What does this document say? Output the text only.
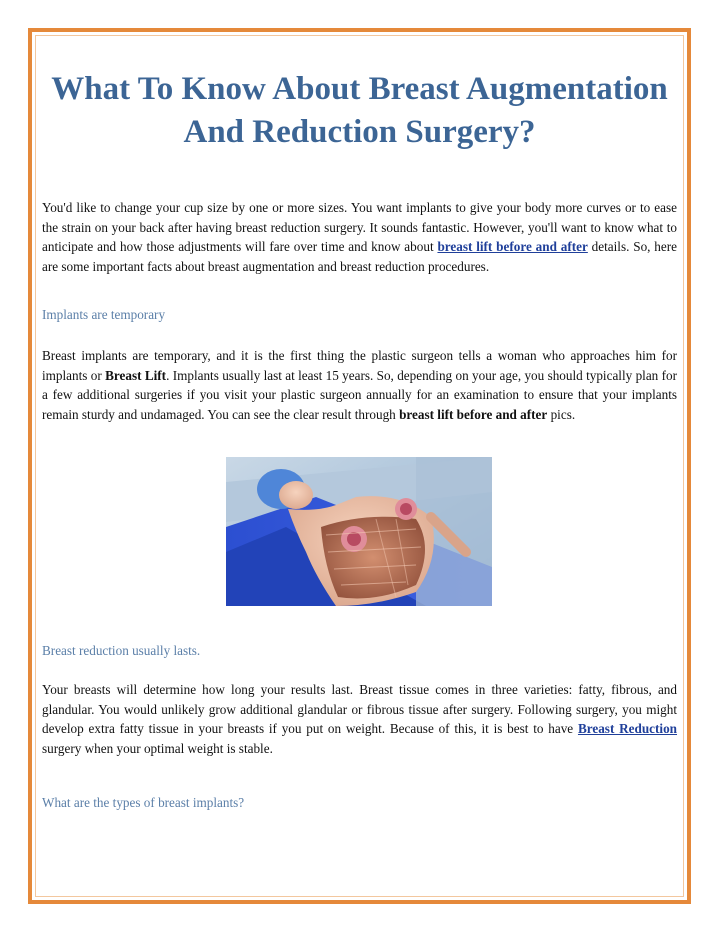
What To Know About Breast Augmentation And Reduction Surgery?

You'd like to change your cup size by one or more sizes. You want implants to give your body more curves or to ease the strain on your back after having breast reduction surgery. It sounds fantastic. However, you'll want to know what to anticipate and how those adjustments will fare over time and know about breast lift before and after details. So, here are some important facts about breast augmentation and breast reduction procedures.

Implants are temporary

Breast implants are temporary, and it is the first thing the plastic surgeon tells a woman who approaches him for implants or Breast Lift. Implants usually last at least 15 years. So, depending on your age, you should typically plan for a few additional surgeries if you visit your plastic surgeon annually for an examination to ensure that your implants remain sturdy and undamaged. You can see the clear result through breast lift before and after pics.

Breast reduction usually lasts.

Your breasts will determine how long your results last. Breast tissue comes in three varieties: fatty, fibrous, and glandular. You would unlikely grow additional glandular or fibrous tissue after surgery. Following surgery, you might develop extra fatty tissue in your breasts if you put on weight. Because of this, it is best to have Breast Reduction surgery when your optimal weight is stable.

What are the types of breast implants?
